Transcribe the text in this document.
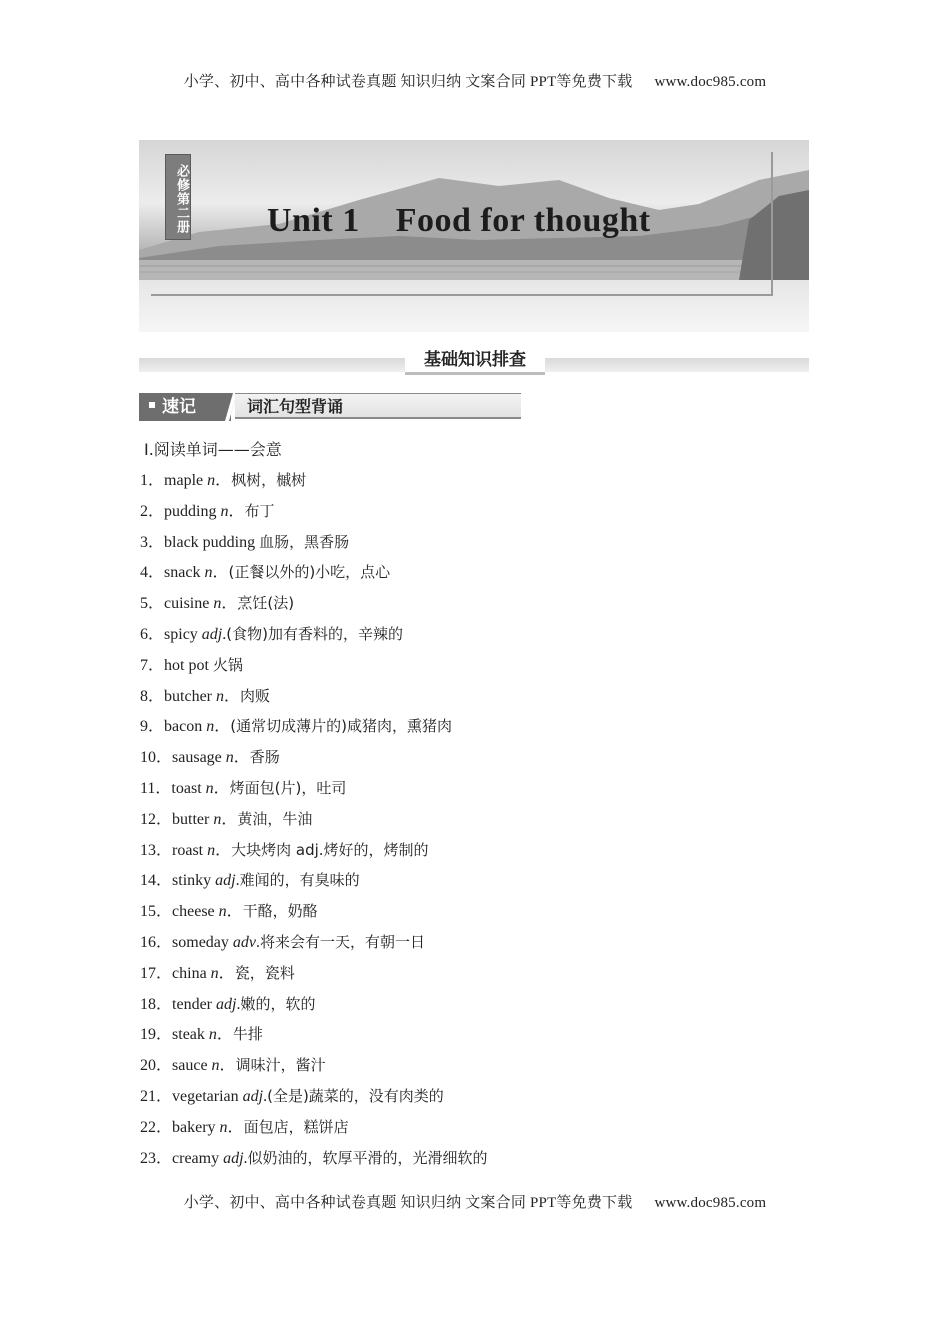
小学、初中、高中各种试卷真题 知识归纳 文案合同 PPT等免费下载 www.doc985.com
必修第二册 Unit 1    Food for thought
基础知识排查
速记	词汇句型背诵
Ⅰ.阅读单词——会意
1．maple n．枫树，槭树
2．pudding n．布丁
3．black pudding 血肠，黑香肠
4．snack n．(正餐以外的)小吃，点心
5．cuisine n．烹饪(法)
6．spicy adj.(食物)加有香料的，辛辣的
7．hot pot 火锅
8．butcher n．肉贩
9．bacon n．(通常切成薄片的)咸猪肉，熏猪肉
10．sausage n．香肠
11．toast n．烤面包(片)，吐司
12．butter n．黄油，牛油
13．roast n．大块烤肉 adj.烤好的，烤制的
14．stinky adj.难闻的，有臭味的
15．cheese n．干酪，奶酪
16．someday adv.将来会有一天，有朝一日
17．china n．瓷，瓷料
18．tender adj.嫩的，软的
19．steak n．牛排
20．sauce n．调味汁，酱汁
21．vegetarian adj.(全是)蔬菜的，没有肉类的
22．bakery n．面包店，糕饼店
23．creamy adj.似奶油的，软厚平滑的，光滑细软的
小学、初中、高中各种试卷真题 知识归纳 文案合同 PPT等免费下载 www.doc985.com
